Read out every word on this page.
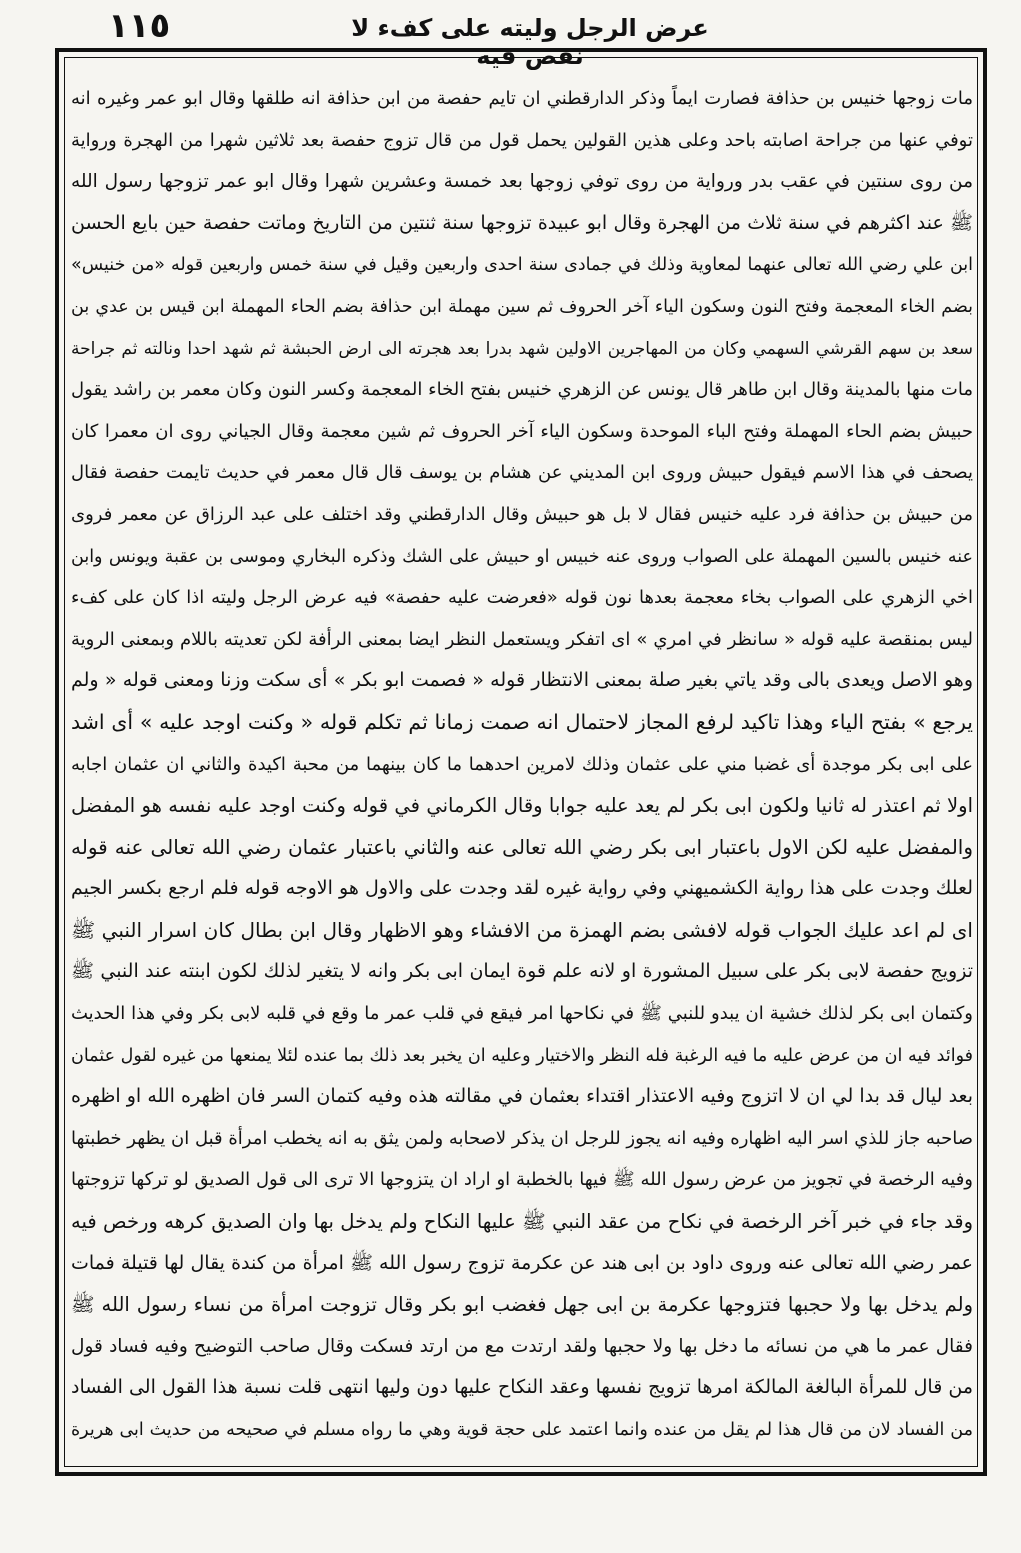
١١٥	عرض الرجل وليته على كفء لا نقص فيه
مات زوجها خنيس بن حذافة فصارت ايماً وذكر الدارقطني ان تايم حفصة من ابن حذافة انه طلقها وقال ابو عمر وغيره انه
توفي عنها من جراحة اصابته باحد وعلى هذين القولين يحمل قول من قال تزوج حفصة بعد ثلاثين شهرا من الهجرة ورواية
من روى سنتين في عقب بدر ورواية من روى توفي زوجها بعد خمسة وعشرين شهرا وقال ابو عمر تزوجها رسول الله
ﷺ عند اكثرهم في سنة ثلاث من الهجرة وقال ابو عبيدة تزوجها سنة ثنتين من التاريخ وماتت حفصة حين بايع الحسن
ابن علي رضي الله تعالى عنهما لمعاوية وذلك في جمادى سنة احدى واربعين وقيل في سنة خمس واربعين قوله «من خنيس»
بضم الخاء المعجمة وفتح النون وسكون الياء آخر الحروف ثم سين مهملة ابن حذافة بضم الحاء المهملة ابن قيس بن عدي بن
سعد بن سهم القرشي السهمي وكان من المهاجرين الاولين شهد بدرا بعد هجرته الى ارض الحبشة ثم شهد احدا ونالته ثم جراحة
مات منها بالمدينة وقال ابن طاهر قال يونس عن الزهري خنيس بفتح الخاء المعجمة وكسر النون وكان معمر بن راشد يقول
حبيش بضم الحاء المهملة وفتح الباء الموحدة وسكون الياء آخر الحروف ثم شين معجمة وقال الجياني روى ان معمرا كان
يصحف في هذا الاسم فيقول حبيش وروى ابن المديني عن هشام بن يوسف قال قال معمر في حديث تايمت حفصة فقال
من حبيش بن حذافة فرد عليه خنيس فقال لا بل هو حبيش وقال الدارقطني وقد اختلف على عبد الرزاق عن معمر فروى
عنه خنيس بالسين المهملة على الصواب وروى عنه خبيس او حبيش على الشك وذكره البخاري وموسى بن عقبة ويونس وابن
اخي الزهري على الصواب بخاء معجمة بعدها نون قوله «فعرضت عليه حفصة» فيه عرض الرجل وليته اذا كان على كفء
ليس بمنقصة عليه قوله « سانظر في امري » اى اتفكر ويستعمل النظر ايضا بمعنى الرأفة لكن تعديته باللام وبمعنى الروية
وهو الاصل ويعدى بالى وقد ياتي بغير صلة بمعنى الانتظار قوله « فصمت ابو بكر » أى سكت وزنا ومعنى قوله « ولم
يرجع » بفتح الياء وهذا تاكيد لرفع المجاز لاحتمال انه صمت زمانا ثم تكلم قوله « وكنت اوجد عليه » أى اشد
على ابى بكر موجدة أى غضبا مني على عثمان وذلك لامرين احدهما ما كان بينهما من محبة اكيدة والثاني ان عثمان اجابه
اولا ثم اعتذر له ثانيا ولكون ابى بكر لم يعد عليه جوابا وقال الكرماني في قوله وكنت اوجد عليه نفسه هو المفضل
والمفضل عليه لكن الاول باعتبار ابى بكر رضي الله تعالى عنه والثاني باعتبار عثمان رضي الله تعالى عنه قوله
لعلك وجدت على هذا رواية الكشميهني وفي رواية غيره لقد وجدت على والاول هو الاوجه قوله فلم ارجع بكسر الجيم
اى لم اعد عليك الجواب قوله لافشى بضم الهمزة من الافشاء وهو الاظهار وقال ابن بطال كان اسرار النبي ﷺ
تزويج حفصة لابى بكر على سبيل المشورة او لانه علم قوة ايمان ابى بكر وانه لا يتغير لذلك لكون ابنته عند النبي ﷺ
وكتمان ابى بكر لذلك خشية ان يبدو للنبي ﷺ في نكاحها امر فيقع في قلب عمر ما وقع في قلبه لابى بكر وفي هذا الحديث
فوائد فيه ان من عرض عليه ما فيه الرغبة فله النظر والاختيار وعليه ان يخبر بعد ذلك بما عنده لئلا يمنعها من غيره لقول عثمان
بعد ليال قد بدا لي ان لا اتزوج وفيه الاعتذار اقتداء بعثمان في مقالته هذه وفيه كتمان السر فان اظهره الله او اظهره
صاحبه جاز للذي اسر اليه اظهاره وفيه انه يجوز للرجل ان يذكر لاصحابه ولمن يثق به انه يخطب امرأة قبل ان يظهر خطبتها
وفيه الرخصة في تجويز من عرض رسول الله ﷺ فيها بالخطبة او اراد ان يتزوجها الا ترى الى قول الصديق لو تركها تزوجتها
وقد جاء في خبر آخر الرخصة في نكاح من عقد النبي ﷺ عليها النكاح ولم يدخل بها وان الصديق كرهه ورخص فيه
عمر رضي الله تعالى عنه وروى داود بن ابى هند عن عكرمة تزوج رسول الله ﷺ امرأة من كندة يقال لها قتيلة فمات
ولم يدخل بها ولا حجبها فتزوجها عكرمة بن ابى جهل فغضب ابو بكر وقال تزوجت امرأة من نساء رسول الله ﷺ
فقال عمر ما هي من نسائه ما دخل بها ولا حجبها ولقد ارتدت مع من ارتد فسكت وقال صاحب التوضيح وفيه فساد قول
من قال للمرأة البالغة المالكة امرها تزويج نفسها وعقد النكاح عليها دون وليها انتهى قلت نسبة هذا القول الى الفساد
من الفساد لان من قال هذا لم يقل من عنده وانما اعتمد على حجة قوية وهي ما رواه مسلم في صحيحه من حديث ابى هريرة
